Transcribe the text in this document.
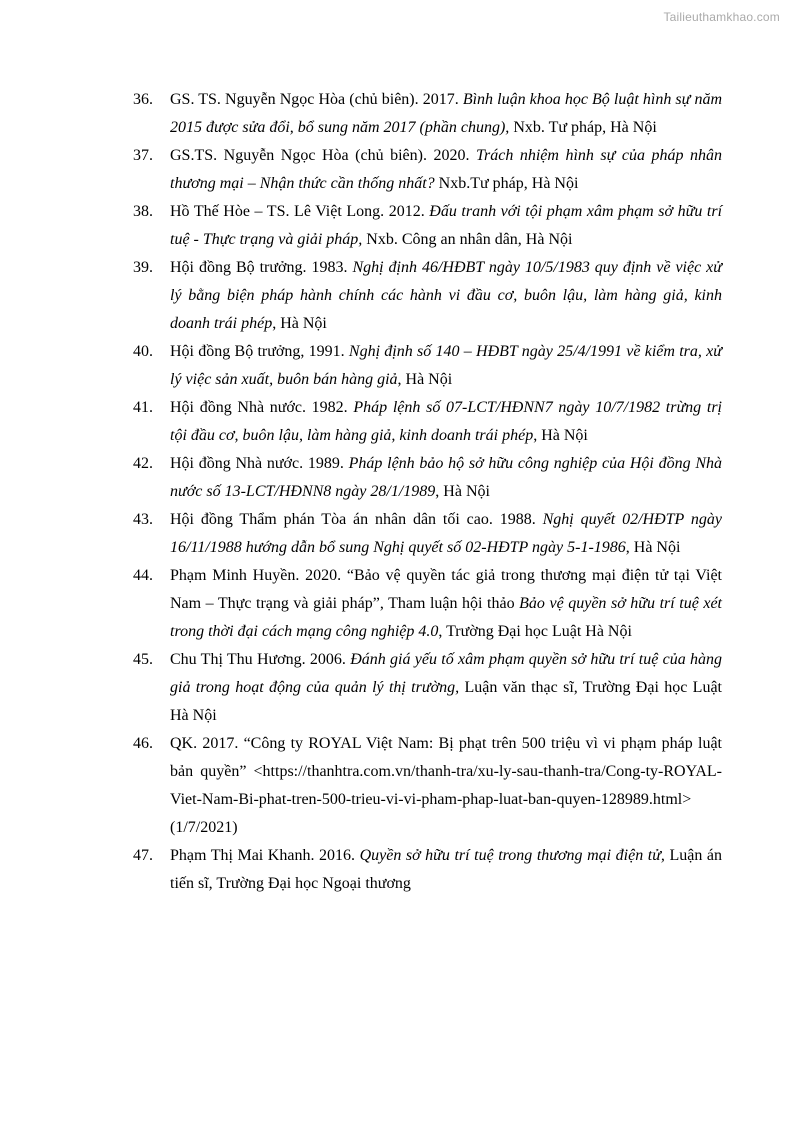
Tailieuthamkhao.com
36. GS. TS. Nguyễn Ngọc Hòa (chủ biên). 2017. Bình luận khoa học Bộ luật hình sự năm 2015 được sửa đổi, bổ sung năm 2017 (phần chung), Nxb. Tư pháp, Hà Nội
37. GS.TS. Nguyễn Ngọc Hòa (chủ biên). 2020. Trách nhiệm hình sự của pháp nhân thương mại – Nhận thức cần thống nhất? Nxb.Tư pháp, Hà Nội
38. Hồ Thế Hòe – TS. Lê Việt Long. 2012. Đấu tranh với tội phạm xâm phạm sở hữu trí tuệ - Thực trạng và giải pháp, Nxb. Công an nhân dân, Hà Nội
39. Hội đồng Bộ trưởng. 1983. Nghị định 46/HĐBT ngày 10/5/1983 quy định về việc xử lý bằng biện pháp hành chính các hành vi đầu cơ, buôn lậu, làm hàng giả, kinh doanh trái phép, Hà Nội
40. Hội đồng Bộ trưởng, 1991. Nghị định số 140 – HĐBT ngày 25/4/1991 về kiểm tra, xử lý việc sản xuất, buôn bán hàng giả, Hà Nội
41. Hội đồng Nhà nước. 1982. Pháp lệnh số 07-LCT/HĐNN7 ngày 10/7/1982 trừng trị tội đầu cơ, buôn lậu, làm hàng giả, kinh doanh trái phép, Hà Nội
42. Hội đồng Nhà nước. 1989. Pháp lệnh bảo hộ sở hữu công nghiệp của Hội đồng Nhà nước số 13-LCT/HĐNN8 ngày 28/1/1989, Hà Nội
43. Hội đồng Thẩm phán Tòa án nhân dân tối cao. 1988. Nghị quyết 02/HĐTP ngày 16/11/1988 hướng dẫn bổ sung Nghị quyết số 02-HĐTP ngày 5-1-1986, Hà Nội
44. Phạm Minh Huyền. 2020. “Bảo vệ quyền tác giả trong thương mại điện tử tại Việt Nam – Thực trạng và giải pháp”, Tham luận hội thảo Bảo vệ quyền sở hữu trí tuệ xét trong thời đại cách mạng công nghiệp 4.0, Trường Đại học Luật Hà Nội
45. Chu Thị Thu Hương. 2006. Đánh giá yếu tố xâm phạm quyền sở hữu trí tuệ của hàng giả trong hoạt động của quản lý thị trường, Luận văn thạc sĩ, Trường Đại học Luật Hà Nội
46. QK. 2017. “Công ty ROYAL Việt Nam: Bị phạt trên 500 triệu vì vi phạm pháp luật bản quyền” <https://thanhtra.com.vn/thanh-tra/xu-ly-sau-thanh-tra/Cong-ty-ROYAL-Viet-Nam-Bi-phat-tren-500-trieu-vi-vi-pham-phap-luat-ban-quyen-128989.html> (1/7/2021)
47. Phạm Thị Mai Khanh. 2016. Quyền sở hữu trí tuệ trong thương mại điện tử, Luận án tiến sĩ, Trường Đại học Ngoại thương
